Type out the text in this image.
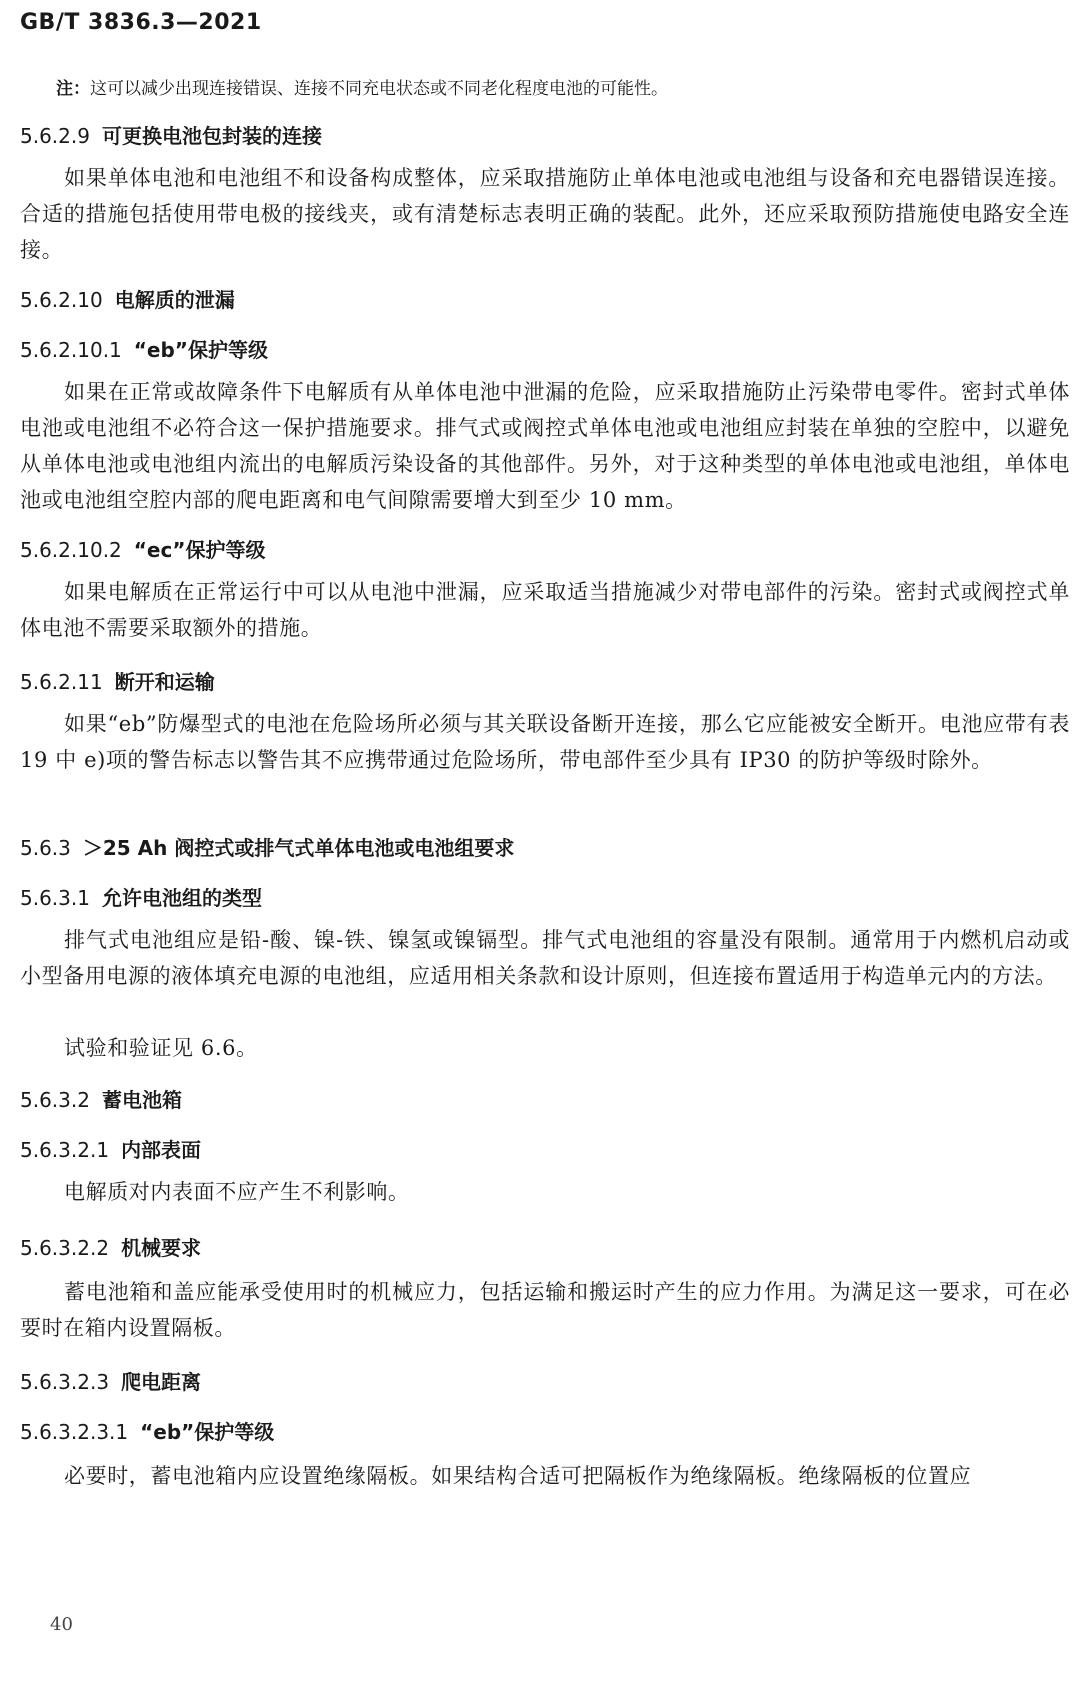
GB/T 3836.3—2021
注：这可以减少出现连接错误、连接不同充电状态或不同老化程度电池的可能性。
5.6.2.9 可更换电池包封装的连接
如果单体电池和电池组不和设备构成整体，应采取措施防止单体电池或电池组与设备和充电器错误连接。合适的措施包括使用带电极的接线夹，或有清楚标志表明正确的装配。此外，还应采取预防措施使电路安全连接。
5.6.2.10 电解质的泄漏
5.6.2.10.1 “eb”保护等级
如果在正常或故障条件下电解质有从单体电池中泄漏的危险，应采取措施防止污染带电零件。密封式单体电池或电池组不必符合这一保护措施要求。排气式或阀控式单体电池或电池组应封装在单独的空腔中，以避免从单体电池或电池组内流出的电解质污染设备的其他部件。另外，对于这种类型的单体电池或电池组，单体电池或电池组空腔内部的爬电距离和电气间隙需要增大到至少 10 mm。
5.6.2.10.2 “ec”保护等级
如果电解质在正常运行中可以从电池中泄漏，应采取适当措施减少对带电部件的污染。密封式或阀控式单体电池不需要采取额外的措施。
5.6.2.11 断开和运输
如果“eb”防爆型式的电池在危险场所必须与其关联设备断开连接，那么它应能被安全断开。电池应带有表 19 中 e)项的警告标志以警告其不应携带通过危险场所，带电部件至少具有 IP30 的防护等级时除外。
5.6.3 ＞25 Ah 阀控式或排气式单体电池或电池组要求
5.6.3.1 允许电池组的类型
排气式电池组应是铅-酸、镍-铁、镍氢或镍镉型。排气式电池组的容量没有限制。通常用于内燃机启动或小型备用电源的液体填充电源的电池组，应适用相关条款和设计原则，但连接布置适用于构造单元内的方法。
试验和验证见 6.6。
5.6.3.2 蓄电池箱
5.6.3.2.1 内部表面
电解质对内表面不应产生不利影响。
5.6.3.2.2 机械要求
蓄电池箱和盖应能承受使用时的机械应力，包括运输和搬运时产生的应力作用。为满足这一要求，可在必要时在箱内设置隔板。
5.6.3.2.3 爬电距离
5.6.3.2.3.1 “eb”保护等级
必要时，蓄电池箱内应设置绝缘隔板。如果结构合适可把隔板作为绝缘隔板。绝缘隔板的位置应
40
